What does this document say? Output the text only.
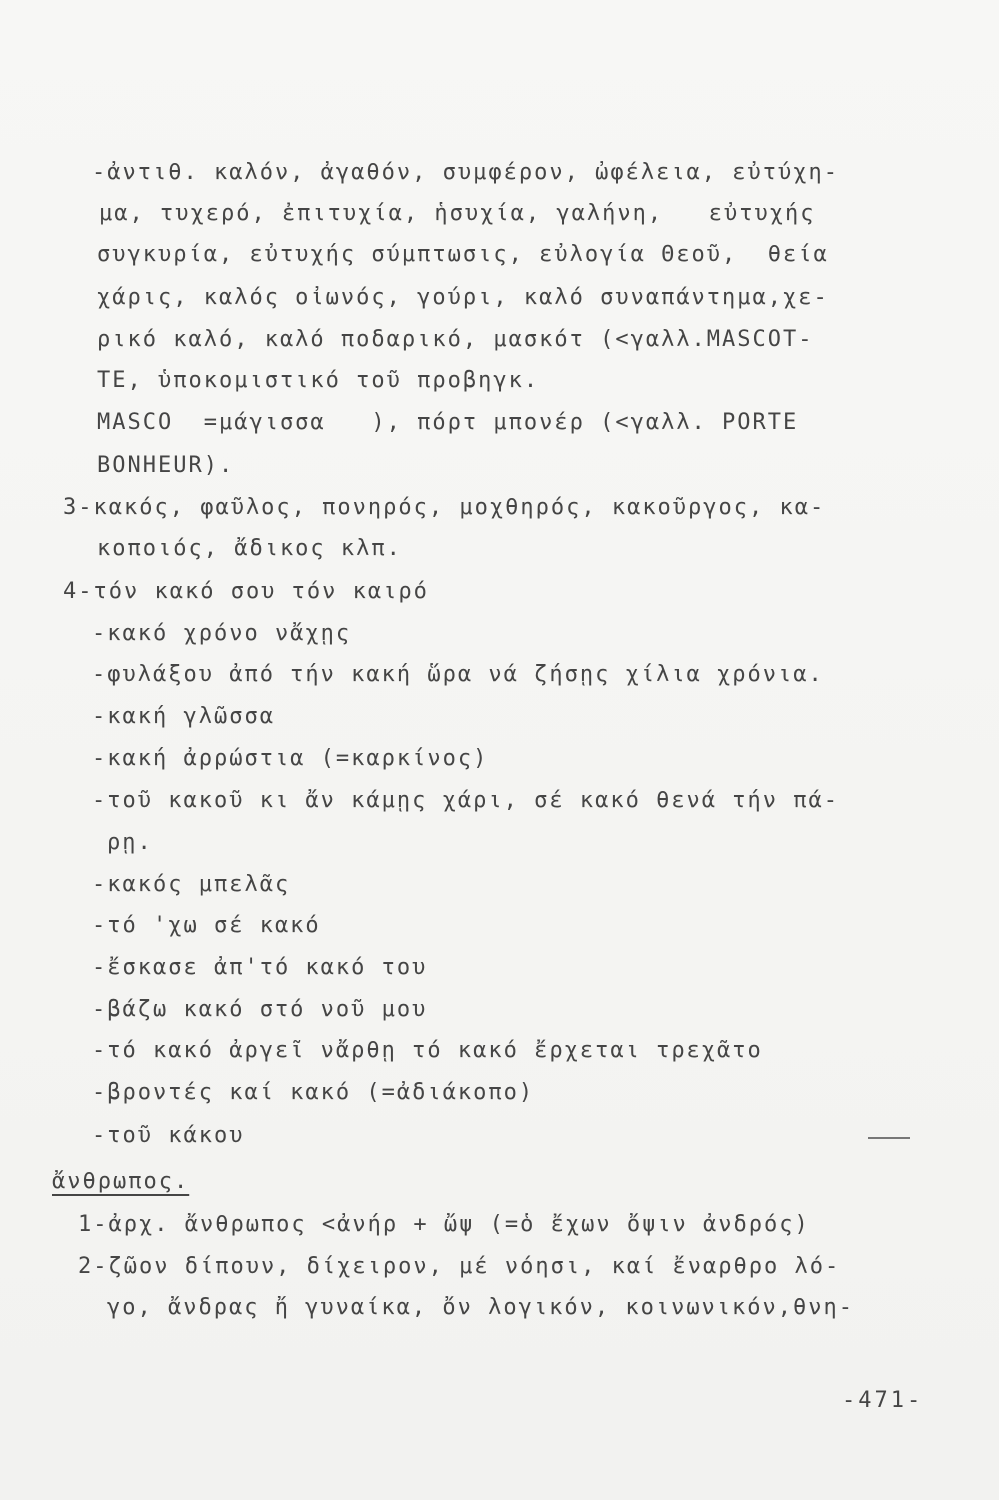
-ἀντιθ. καλόν, ἀγαθόν, συμφέρον, ὠφέλεια, εὐτύχη-
μα, τυχερό, ἐπιτυχία, ἡσυχία, γαλήνη,   εὐτυχής
συγκυρία, εὐτυχής σύμπτωσις, εὐλογία Θεοῦ,  θεία
χάρις, καλός οἰωνός, γούρι, καλό συναπάντημα,χε-
ρικό καλό, καλό ποδαρικό, μασκότ (<γαλλ.MASCOT-
TE, ὑποκομιστικό τοῦ προβηγκ.
MASCO  =μάγισσα   ), πόρτ μπονέρ (<γαλλ. PORTE
BONHEUR).
3-κακός, φαῦλος, πονηρός, μοχθηρός, κακοῦργος, κα-
κοποιός, ἄδικος κλπ.
4-τόν κακό σου τόν καιρό
-κακό χρόνο νἄχῃς
-φυλάξου ἀπό τήν κακή ὥρα νά ζήσῃς χίλια χρόνια.
-κακή γλῶσσα
-κακή ἀρρώστια (=καρκίνος)
-τοῦ κακοῦ κι ἄν κάμῃς χάρι, σέ κακό θενά τήν πά-
ρῃ.
-κακός μπελᾶς
-τό 'χω σέ κακό
-ἔσκασε ἀπ'τό κακό του
-βάζω κακό στό νοῦ μου
-τό κακό ἀργεῖ νἄρθῃ τό κακό ἔρχεται τρεχᾶτο
-βροντές καί κακό (=ἀδιάκοπο)
-τοῦ κάκου
ἄνθρωπος.
1-ἀρχ. ἄνθρωπος <ἀνήρ + ὤψ (=ὁ ἔχων ὄψιν ἀνδρός)
2-ζῶον δίπουν, δίχειρον, μέ νόησι, καί ἔναρθρο λό-
γο, ἄνδρας ἤ γυναίκα, ὄν λογικόν, κοινωνικόν,θνη-
-471-
